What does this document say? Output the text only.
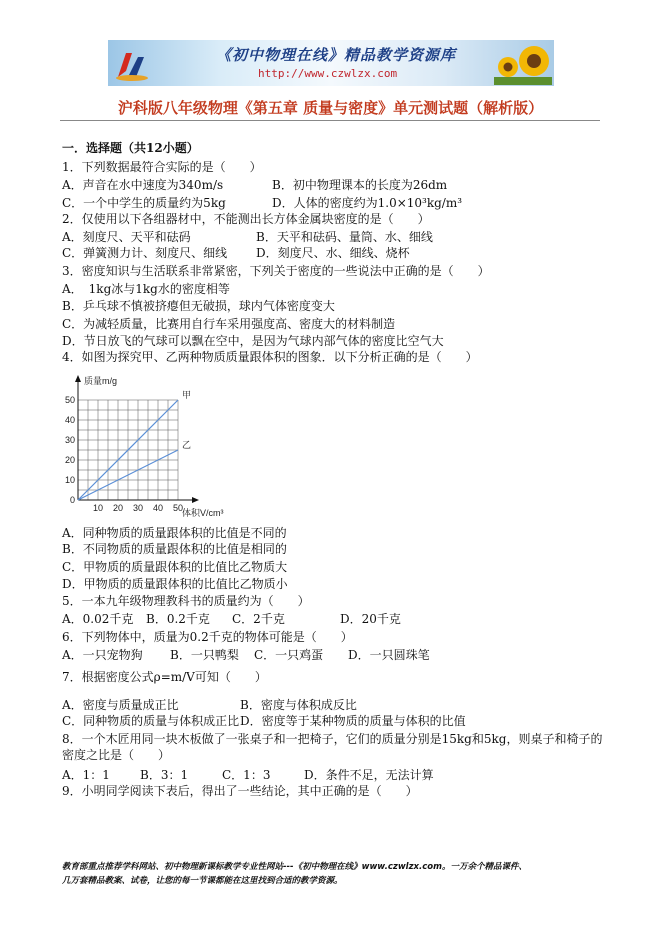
《初中物理在线》精品教学资源库
http://www.czwlzx.com
沪科版八年级物理《第五章 质量与密度》单元测试题（解析版）
一．选择题（共12小题）
1．下列数据最符合实际的是（　　）
A．声音在水中速度为340m/s	B．初中物理课本的长度为26dm
C．一个中学生的质量约为5kg	D．人体的密度约为1.0×10³kg/m³
2．仅使用以下各组器材中，不能测出长方体金属块密度的是（　　）
A．刻度尺、天平和砝码	B．天平和砝码、量筒、水、细线
C．弹簧测力计、刻度尺、细线 D．刻度尺、水、细线、烧杯
3．密度知识与生活联系非常紧密，下列关于密度的一些说法中正确的是（　　）
A．　1kg冰与1kg水的密度相等
B．乒乓球不慎被挤瘪但无破损，球内气体密度变大
C．为减轻质量，比赛用自行车采用强度高、密度大的材料制造
D．节日放飞的气球可以飘在空中，是因为气球内部气体的密度比空气大
4．如图为探究甲、乙两种物质质量跟体积的图象．以下分析正确的是（　　）
10
20
30
40
50
10 20 30 40 50
0
质量m/g
体积V/cm³
甲
乙
A．同种物质的质量跟体积的比值是不同的
B．不同物质的质量跟体积的比值是相同的
C．甲物质的质量跟体积的比值比乙物质大
D．甲物质的质量跟体积的比值比乙物质小
5．一本九年级物理教科书的质量约为（　　）
A．0.02千克 B．0.2千克 C．2千克	D．20千克
6．下列物体中，质量为0.2千克的物体可能是（　　）
A．一只宠物狗 B．一只鸭梨 C．一只鸡蛋 D．一只圆珠笔
7．根据密度公式ρ=m/V可知（　　）
A．密度与质量成正比	B．密度与体积成反比
C．同种物质的质量与体积成正比 D．密度等于某种物质的质量与体积的比值
8．一个木匠用同一块木板做了一张桌子和一把椅子，它们的质量分别是15kg和5kg，则桌子和椅子的
密度之比是（　　）
A．1：1	B．3：1	C．1：3	D．条件不足，无法计算
9．小明同学阅读下表后，得出了一些结论，其中正确的是（　　）
教育部重点推荐学科网站、初中物理新课标教学专业性网站---《初中物理在线》www.czwlzx.com。一万余个精品课件、
几万套精品教案、试卷，让您的每一节课都能在这里找到合适的教学资源。
